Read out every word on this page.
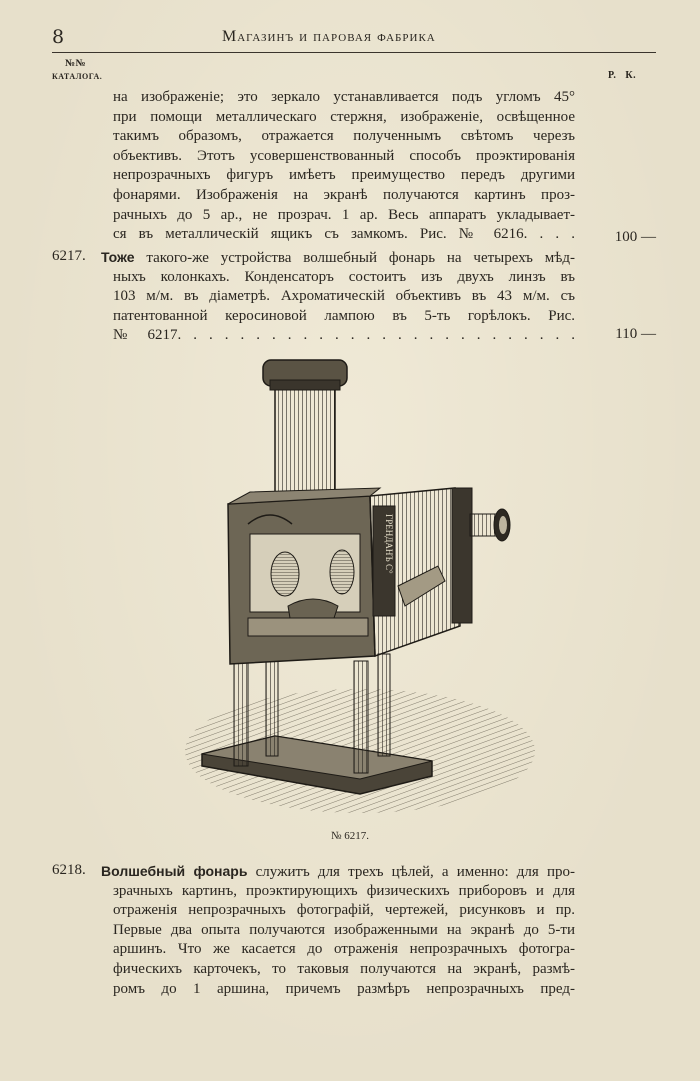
8	Магазинъ и паровая фабрика
№№
КАТАЛОГА.	Р.   К.
на изображеніе; это зеркало устанавливается подъ угломъ 45°
при помощи металлическаго стержня, изображеніе, освѣщенное
такимъ образомъ, отражается полученнымъ свѣтомъ черезъ
объективъ. Этотъ усовершенствованный способъ проэктированія
непрозрачныхъ фигуръ имѣетъ преимущество передъ другими
фонарями. Изображенія на экранѣ получаются картинъ проз-
рачныхъ до 5 ар., не прозрач. 1 ар. Весь аппаратъ укладывает-
ся въ металлическій ящикъ съ замкомъ. Рис. № 6216. . . .	100 —
6217. Тоже такого-же устройства волшебный фонарь на четырехъ мѣд-
ныхъ колонкахъ. Конденсаторъ состоитъ изъ двухъ линзъ въ
103 м/м. въ діаметрѣ. Ахроматическій объективъ въ 43 м/м. съ
патентованной керосиновой лампою въ 5-ть горѣлокъ. Рис.
№ 6217. . . . . . . . . . . . . . . . . . . . . . . . . .	110 —
ГРЕНДАНЪ С°
№ 6217.
6218. Волшебный фонарь служитъ для трехъ цѣлей, а именно: для про-
зрачныхъ картинъ, проэктирующихъ физическихъ приборовъ и для
отраженія непрозрачныхъ фотографій, чертежей, рисунковъ и пр.
Первые два опыта получаются изображенными на экранѣ до 5-ти
аршинъ. Что же касается до отраженія непрозрачныхъ фотогра-
фическихъ карточекъ, то таковыя получаются на экранѣ, размѣ-
ромъ до 1 аршина, причемъ размѣръ непрозрачныхъ пред-
